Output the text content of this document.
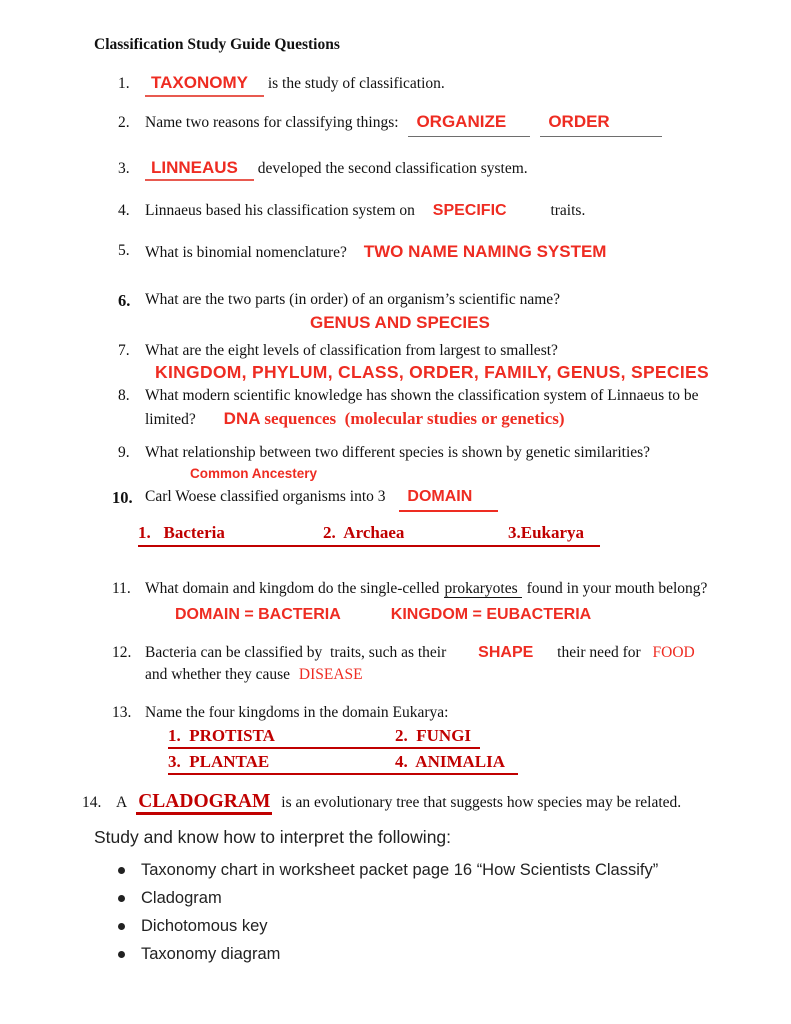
Classification Study Guide Questions
1.	TAXONOMY is the study of classification.
2. Name two reasons for classifying things: ORGANIZE ORDER
3.	LINNEAUS developed the second classification system.
4. Linnaeus based his classification system on SPECIFIC	traits.
5. What is binomial nomenclature? TWO NAME NAMING SYSTEM
6. What are the two parts (in order) of an organism’s scientific name?
GENUS AND SPECIES
7. What are the eight levels of classification from largest to smallest?
KINGDOM, PHYLUM, CLASS, ORDER, FAMILY, GENUS, SPECIES
8. What modern scientific knowledge has shown the classification system of Linnaeus to be
limited? DNA sequences  (molecular studies or genetics)
9. What relationship between two different species is shown by genetic similarities?
Common Ancestery
10. Carl Woese classified organisms into 3 DOMAIN
1.   Bacteria	2.  Archaea	3.Eukarya
11. What domain and kingdom do the single-celled prokaryotes found in your mouth belong?
DOMAIN = BACTERIA	KINGDOM = EUBACTERIA
12. Bacteria can be classified by  traits, such as their SHAPE their need for FOOD
and whether they cause DISEASE
13. Name the four kingdoms in the domain Eukarya:
1.  PROTISTA	2.  FUNGI
3.  PLANTAE	4.  ANIMALIA
14. A CLADOGRAM is an evolutionary tree that suggests how species may be related.
Study and know how to interpret the following:
Taxonomy chart in worksheet packet page 16 “How Scientists Classify”
Cladogram
Dichotomous key
Taxonomy diagram
